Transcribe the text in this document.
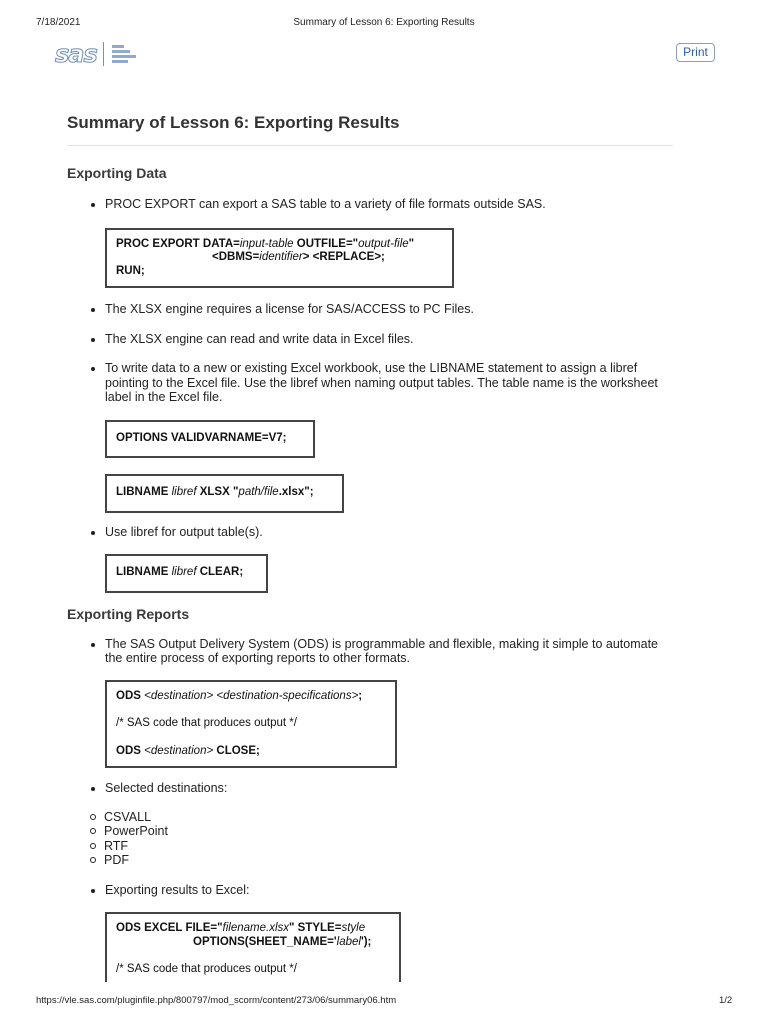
7/18/2021	Summary of Lesson 6: Exporting Results
sas	Print
Summary of Lesson 6: Exporting Results
Exporting Data
PROC EXPORT can export a SAS table to a variety of file formats outside SAS.
PROC EXPORT DATA=input-table OUTFILE="output-file"
<DBMS=identifier> <REPLACE>;
RUN;
The XLSX engine requires a license for SAS/ACCESS to PC Files.
The XLSX engine can read and write data in Excel files.
To write data to a new or existing Excel workbook, use the LIBNAME statement to assign a libref pointing to the Excel file. Use the libref when naming output tables. The table name is the worksheet label in the Excel file.
OPTIONS VALIDVARNAME=V7;
LIBNAME libref XLSX "path/file.xlsx";
Use libref for output table(s).
LIBNAME libref CLEAR;
Exporting Reports
The SAS Output Delivery System (ODS) is programmable and flexible, making it simple to automate the entire process of exporting reports to other formats.
ODS <destination> <destination-specifications>;
/* SAS code that produces output */
ODS <destination> CLOSE;
Selected destinations:
CSVALL
PowerPoint
RTF
PDF
Exporting results to Excel:
ODS EXCEL FILE="filename.xlsx" STYLE=style
OPTIONS(SHEET_NAME='label');
/* SAS code that produces output */
https://vle.sas.com/pluginfile.php/800797/mod_scorm/content/273/06/summary06.htm	1/2
